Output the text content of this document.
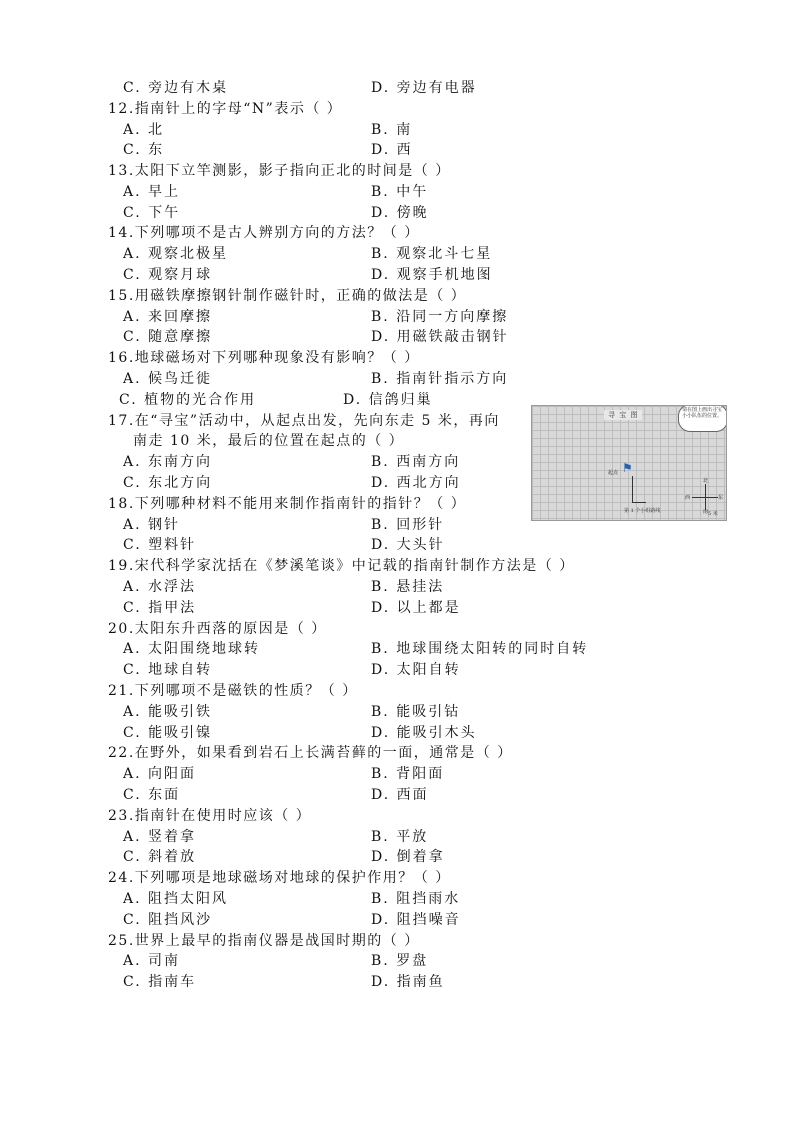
C. 旁边有木桌	D. 旁边有电器
12.指南针上的字母“N”表示（ ）
A. 北	B. 南
C. 东	D. 西
13.太阳下立竿测影，影子指向正北的时间是（ ）
A. 早上	B. 中午
C. 下午	D. 傍晚
14.下列哪项不是古人辨别方向的方法？（ ）
A. 观察北极星	B. 观察北斗七星
C. 观察月球	D. 观察手机地图
15.用磁铁摩擦钢针制作磁针时，正确的做法是（ ）
A. 来回摩擦	B. 沿同一方向摩擦
C. 随意摩擦	D. 用磁铁敲击钢针
16.地球磁场对下列哪种现象没有影响？（ ）
A. 候鸟迁徙	B. 指南针指示方向
C. 植物的光合作用	D. 信鸽归巢
17.在“寻宝”活动中，从起点出发，先向东走 5 米，再向
南走 10 米，最后的位置在起点的（ ）
A. 东南方向	B. 西南方向
C. 东北方向	D. 西北方向
18.下列哪种材料不能用来制作指南针的指针？（ ）
A. 钢针	B. 回形针
C. 塑料针	D. 大头针
19.宋代科学家沈括在《梦溪笔谈》中记载的指南针制作方法是（ ）
A. 水浮法	B. 悬挂法
C. 指甲法	D. 以上都是
20.太阳东升西落的原因是（ ）
A. 太阳围绕地球转	B. 地球围绕太阳转的同时自转
C. 地球自转	D. 太阳自转
21.下列哪项不是磁铁的性质？（ ）
A. 能吸引铁	B. 能吸引钴
C. 能吸引镍	D. 能吸引木头
22.在野外，如果看到岩石上长满苔藓的一面，通常是（ ）
A. 向阳面	B. 背阳面
C. 东面	D. 西面
23.指南针在使用时应该（ ）
A. 竖着拿	B. 平放
C. 斜着放	D. 倒着拿
24.下列哪项是地球磁场对地球的保护作用？（ ）
A. 阻挡太阳风	B. 阻挡雨水
C. 阻挡风沙	D. 阻挡噪音
25.世界上最早的指南仪器是战国时期的（ ）
A. 司南	B. 罗盘
C. 指南车	D. 指南鱼
寻 宝 图
请在图上画出寻宝小小队伍的位置。
⚑
起点
第 1 个小组路线
北
南
西	东
5 米
